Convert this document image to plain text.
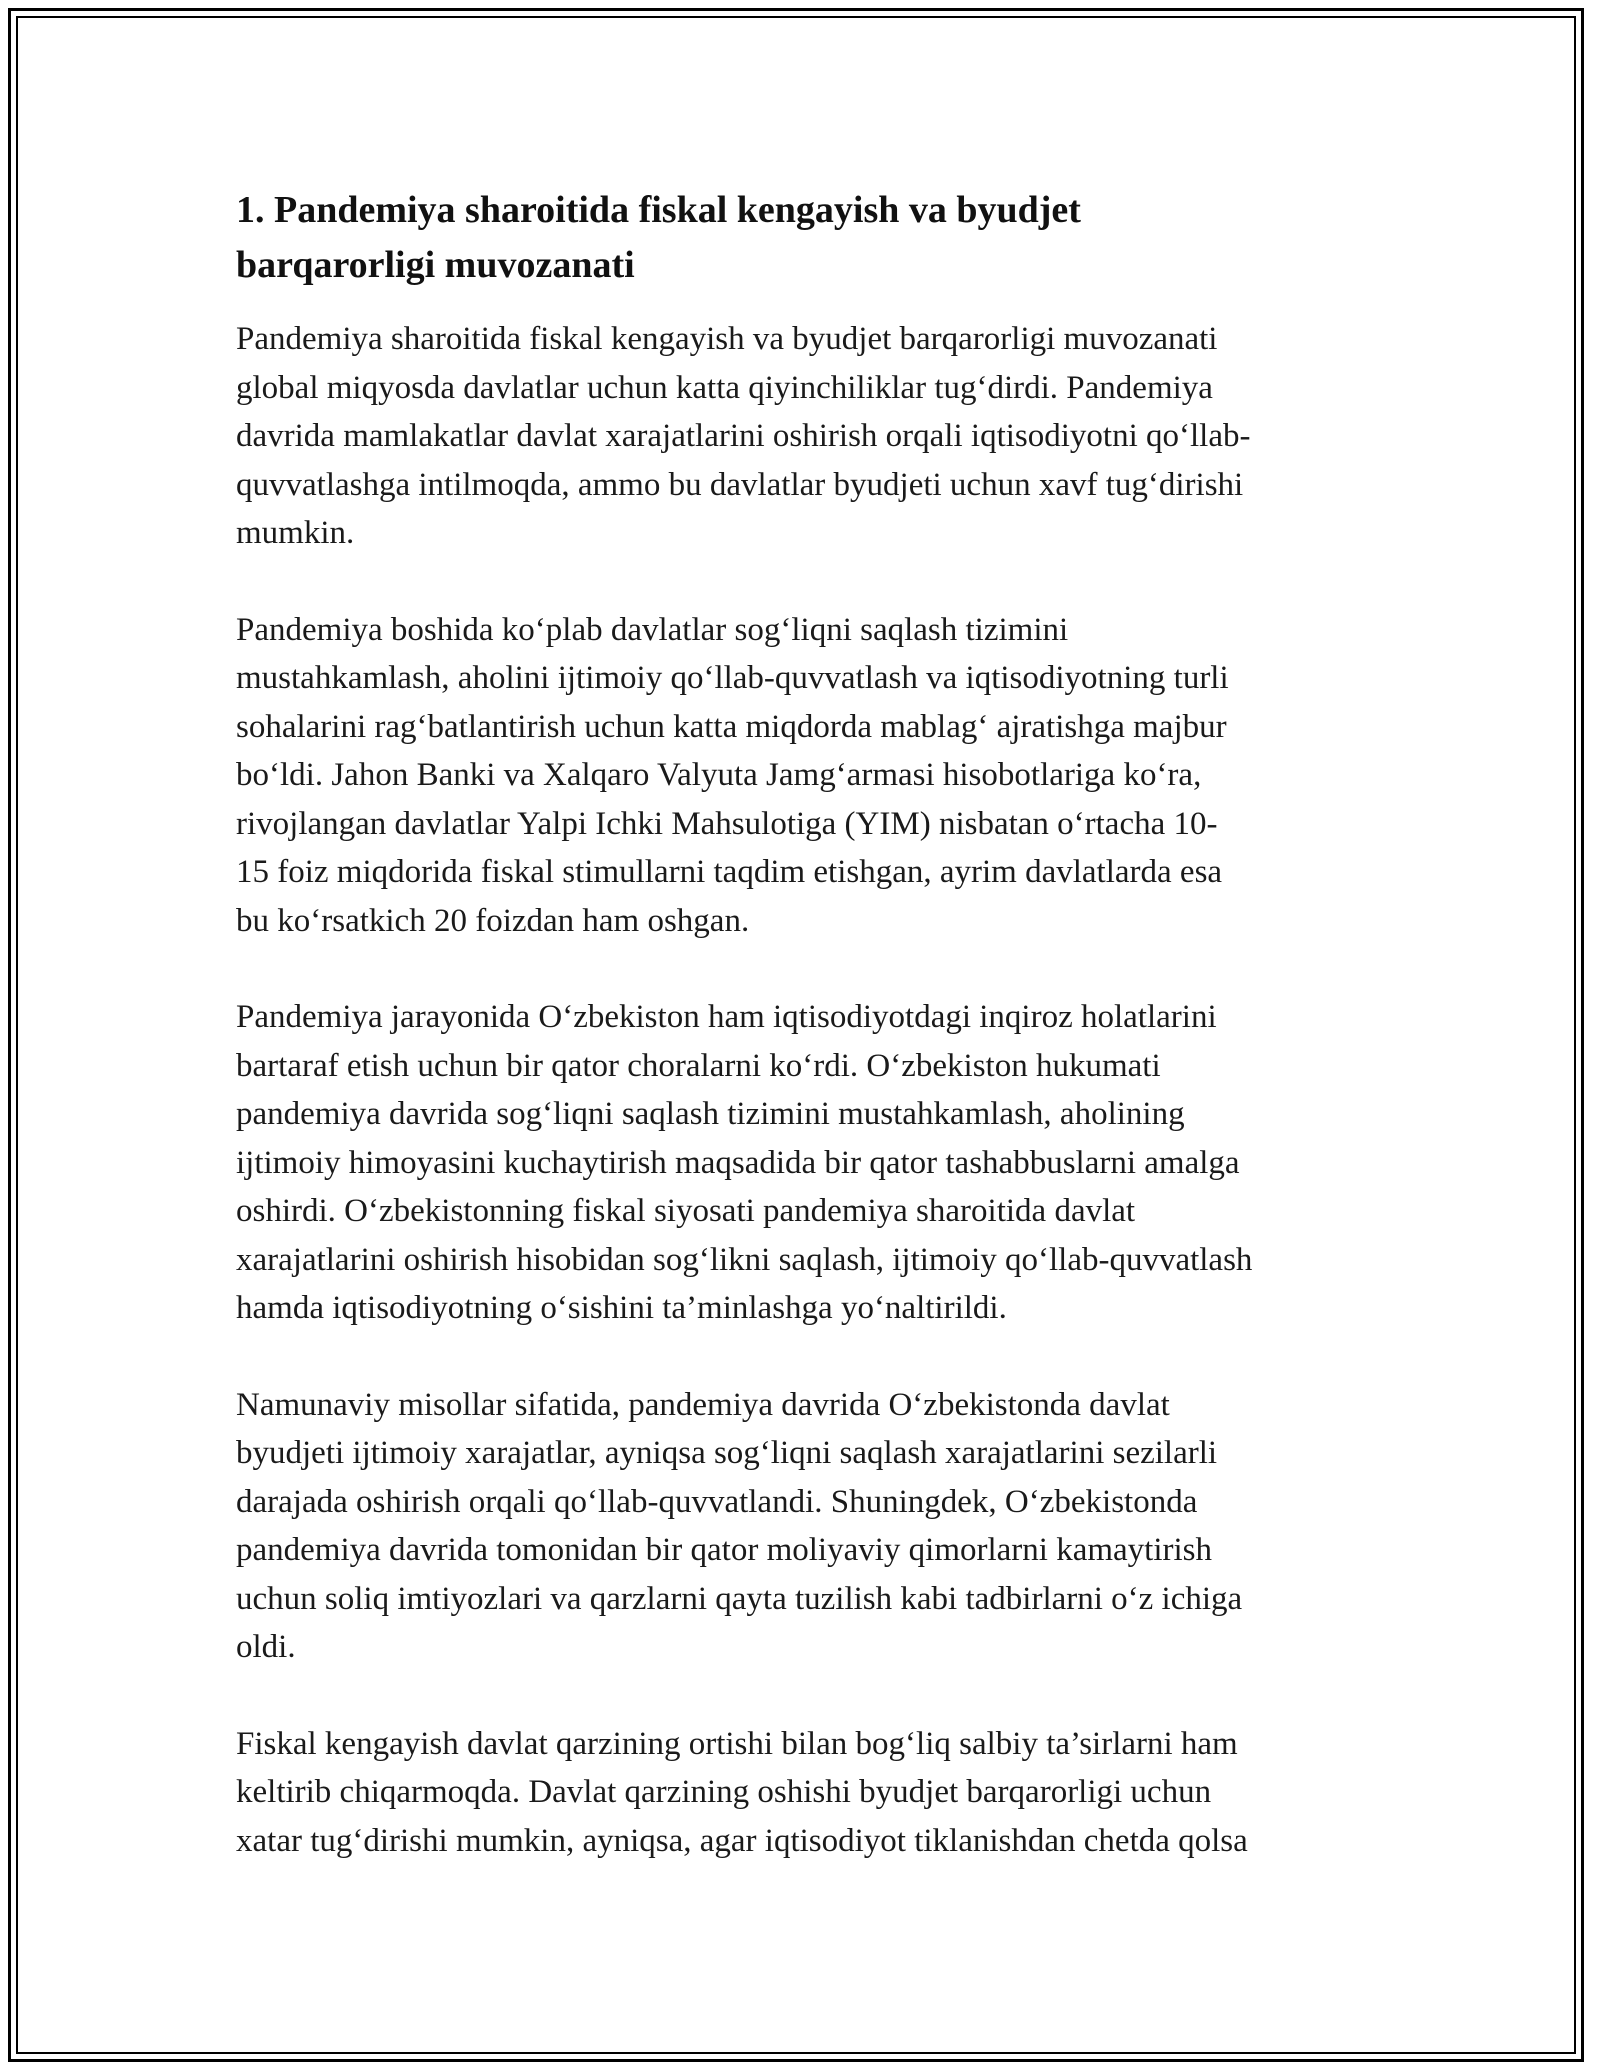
1. Pandemiya sharoitida fiskal kengayish va byudjet
barqarorligi muvozanati

Pandemiya sharoitida fiskal kengayish va byudjet barqarorligi muvozanati
global miqyosda davlatlar uchun katta qiyinchiliklar tug‘dirdi. Pandemiya
davrida mamlakatlar davlat xarajatlarini oshirish orqali iqtisodiyotni qo‘llab-
quvvatlashga intilmoqda, ammo bu davlatlar byudjeti uchun xavf tug‘dirishi
mumkin.

Pandemiya boshida ko‘plab davlatlar sog‘liqni saqlash tizimini
mustahkamlash, aholini ijtimoiy qo‘llab-quvvatlash va iqtisodiyotning turli
sohalarini rag‘batlantirish uchun katta miqdorda mablag‘ ajratishga majbur
bo‘ldi. Jahon Banki va Xalqaro Valyuta Jamg‘armasi hisobotlariga ko‘ra,
rivojlangan davlatlar Yalpi Ichki Mahsulotiga (YIM) nisbatan o‘rtacha 10-
15 foiz miqdorida fiskal stimullarni taqdim etishgan, ayrim davlatlarda esa
bu ko‘rsatkich 20 foizdan ham oshgan.

Pandemiya jarayonida O‘zbekiston ham iqtisodiyotdagi inqiroz holatlarini
bartaraf etish uchun bir qator choralarni ko‘rdi. O‘zbekiston hukumati
pandemiya davrida sog‘liqni saqlash tizimini mustahkamlash, aholining
ijtimoiy himoyasini kuchaytirish maqsadida bir qator tashabbuslarni amalga
oshirdi. O‘zbekistonning fiskal siyosati pandemiya sharoitida davlat
xarajatlarini oshirish hisobidan sog‘likni saqlash, ijtimoiy qo‘llab-quvvatlash
hamda iqtisodiyotning o‘sishini ta’minlashga yo‘naltirildi.

Namunaviy misollar sifatida, pandemiya davrida O‘zbekistonda davlat
byudjeti ijtimoiy xarajatlar, ayniqsa sog‘liqni saqlash xarajatlarini sezilarli
darajada oshirish orqali qo‘llab-quvvatlandi. Shuningdek, O‘zbekistonda
pandemiya davrida tomonidan bir qator moliyaviy qimorlarni kamaytirish
uchun soliq imtiyozlari va qarzlarni qayta tuzilish kabi tadbirlarni o‘z ichiga
oldi.

Fiskal kengayish davlat qarzining ortishi bilan bog‘liq salbiy ta’sirlarni ham
keltirib chiqarmoqda. Davlat qarzining oshishi byudjet barqarorligi uchun
xatar tug‘dirishi mumkin, ayniqsa, agar iqtisodiyot tiklanishdan chetda qolsa
